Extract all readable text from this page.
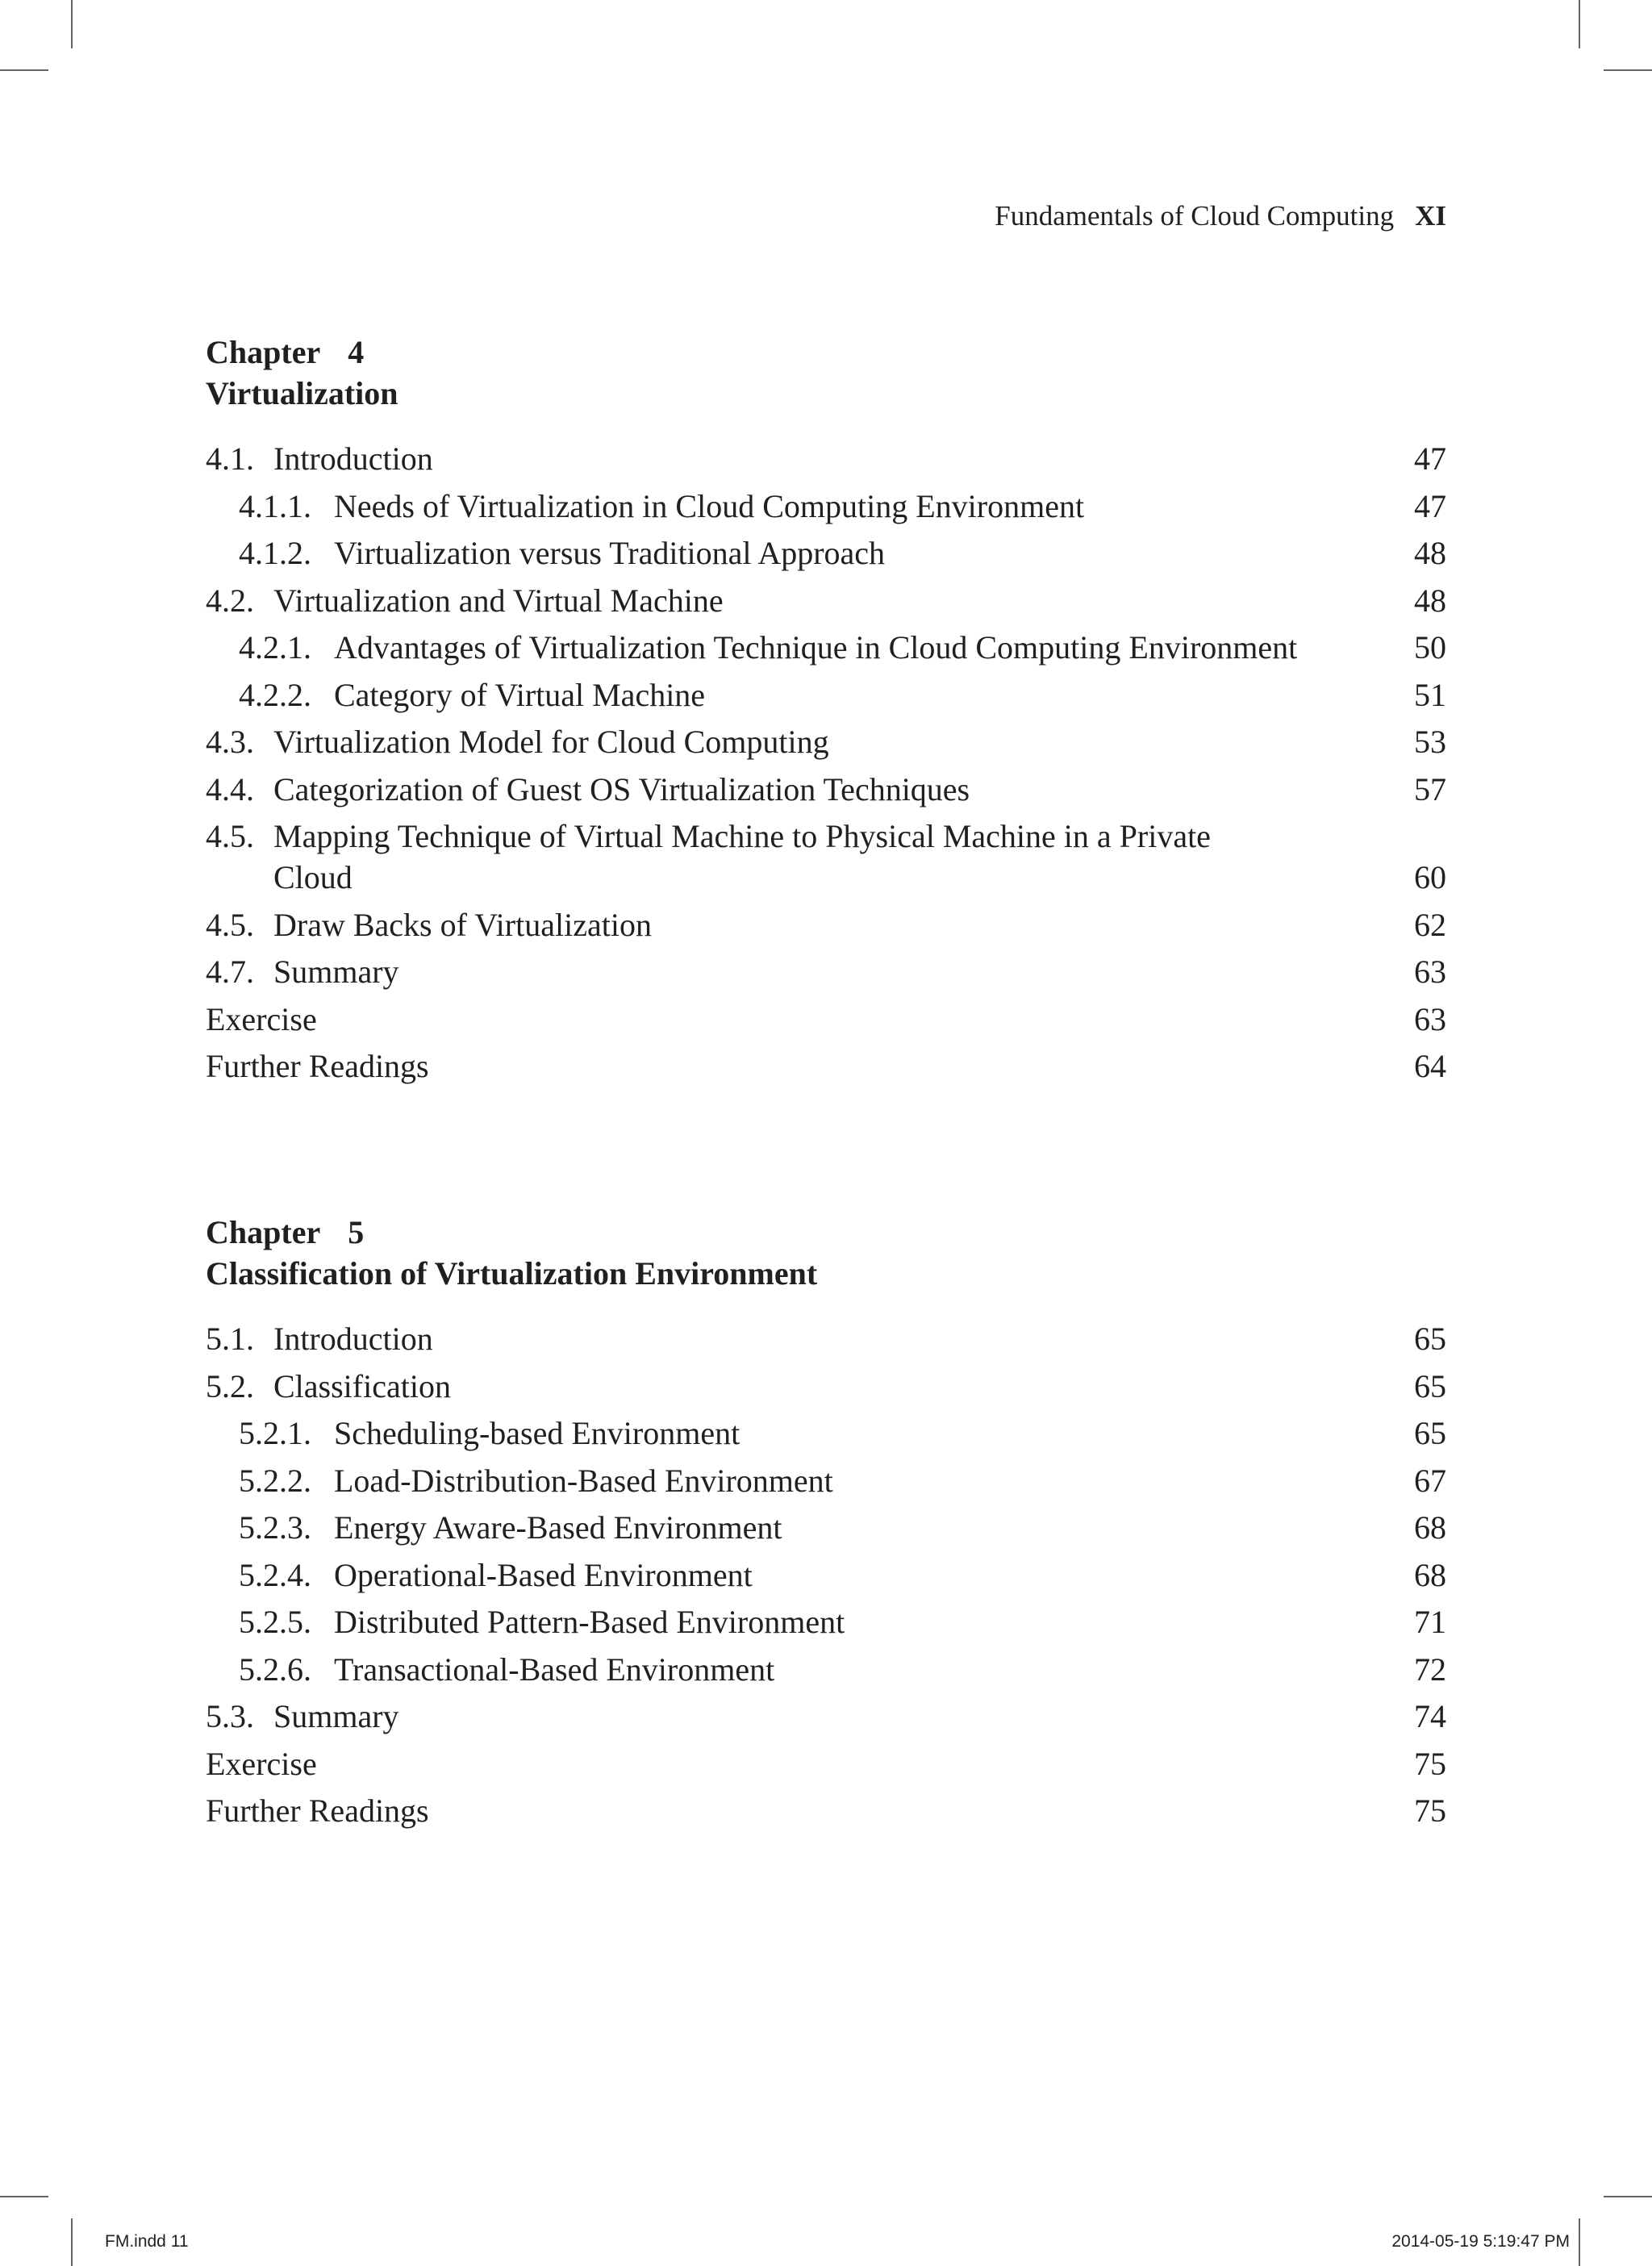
Fundamentals of Cloud Computing XI
Chapter 4
Virtualization
4.1. Introduction	47
4.1.1. Needs of Virtualization in Cloud Computing Environment	47
4.1.2. Virtualization versus Traditional Approach	48
4.2. Virtualization and Virtual Machine	48
4.2.1. Advantages of Virtualization Technique in Cloud Computing Environment	50
4.2.2. Category of Virtual Machine	51
4.3. Virtualization Model for Cloud Computing	53
4.4. Categorization of Guest OS Virtualization Techniques	57
4.5. Mapping Technique of Virtual Machine to Physical Machine in a Private Cloud	60
4.5. Draw Backs of Virtualization	62
4.7. Summary	63
Exercise	63
Further Readings	64
Chapter 5
Classification of Virtualization Environment
5.1. Introduction	65
5.2. Classification	65
5.2.1. Scheduling-based Environment	65
5.2.2. Load-Distribution-Based Environment	67
5.2.3. Energy Aware-Based Environment	68
5.2.4. Operational-Based Environment	68
5.2.5. Distributed Pattern-Based Environment	71
5.2.6. Transactional-Based Environment	72
5.3. Summary	74
Exercise	75
Further Readings	75
FM.indd 11	2014-05-19 5:19:47 PM
